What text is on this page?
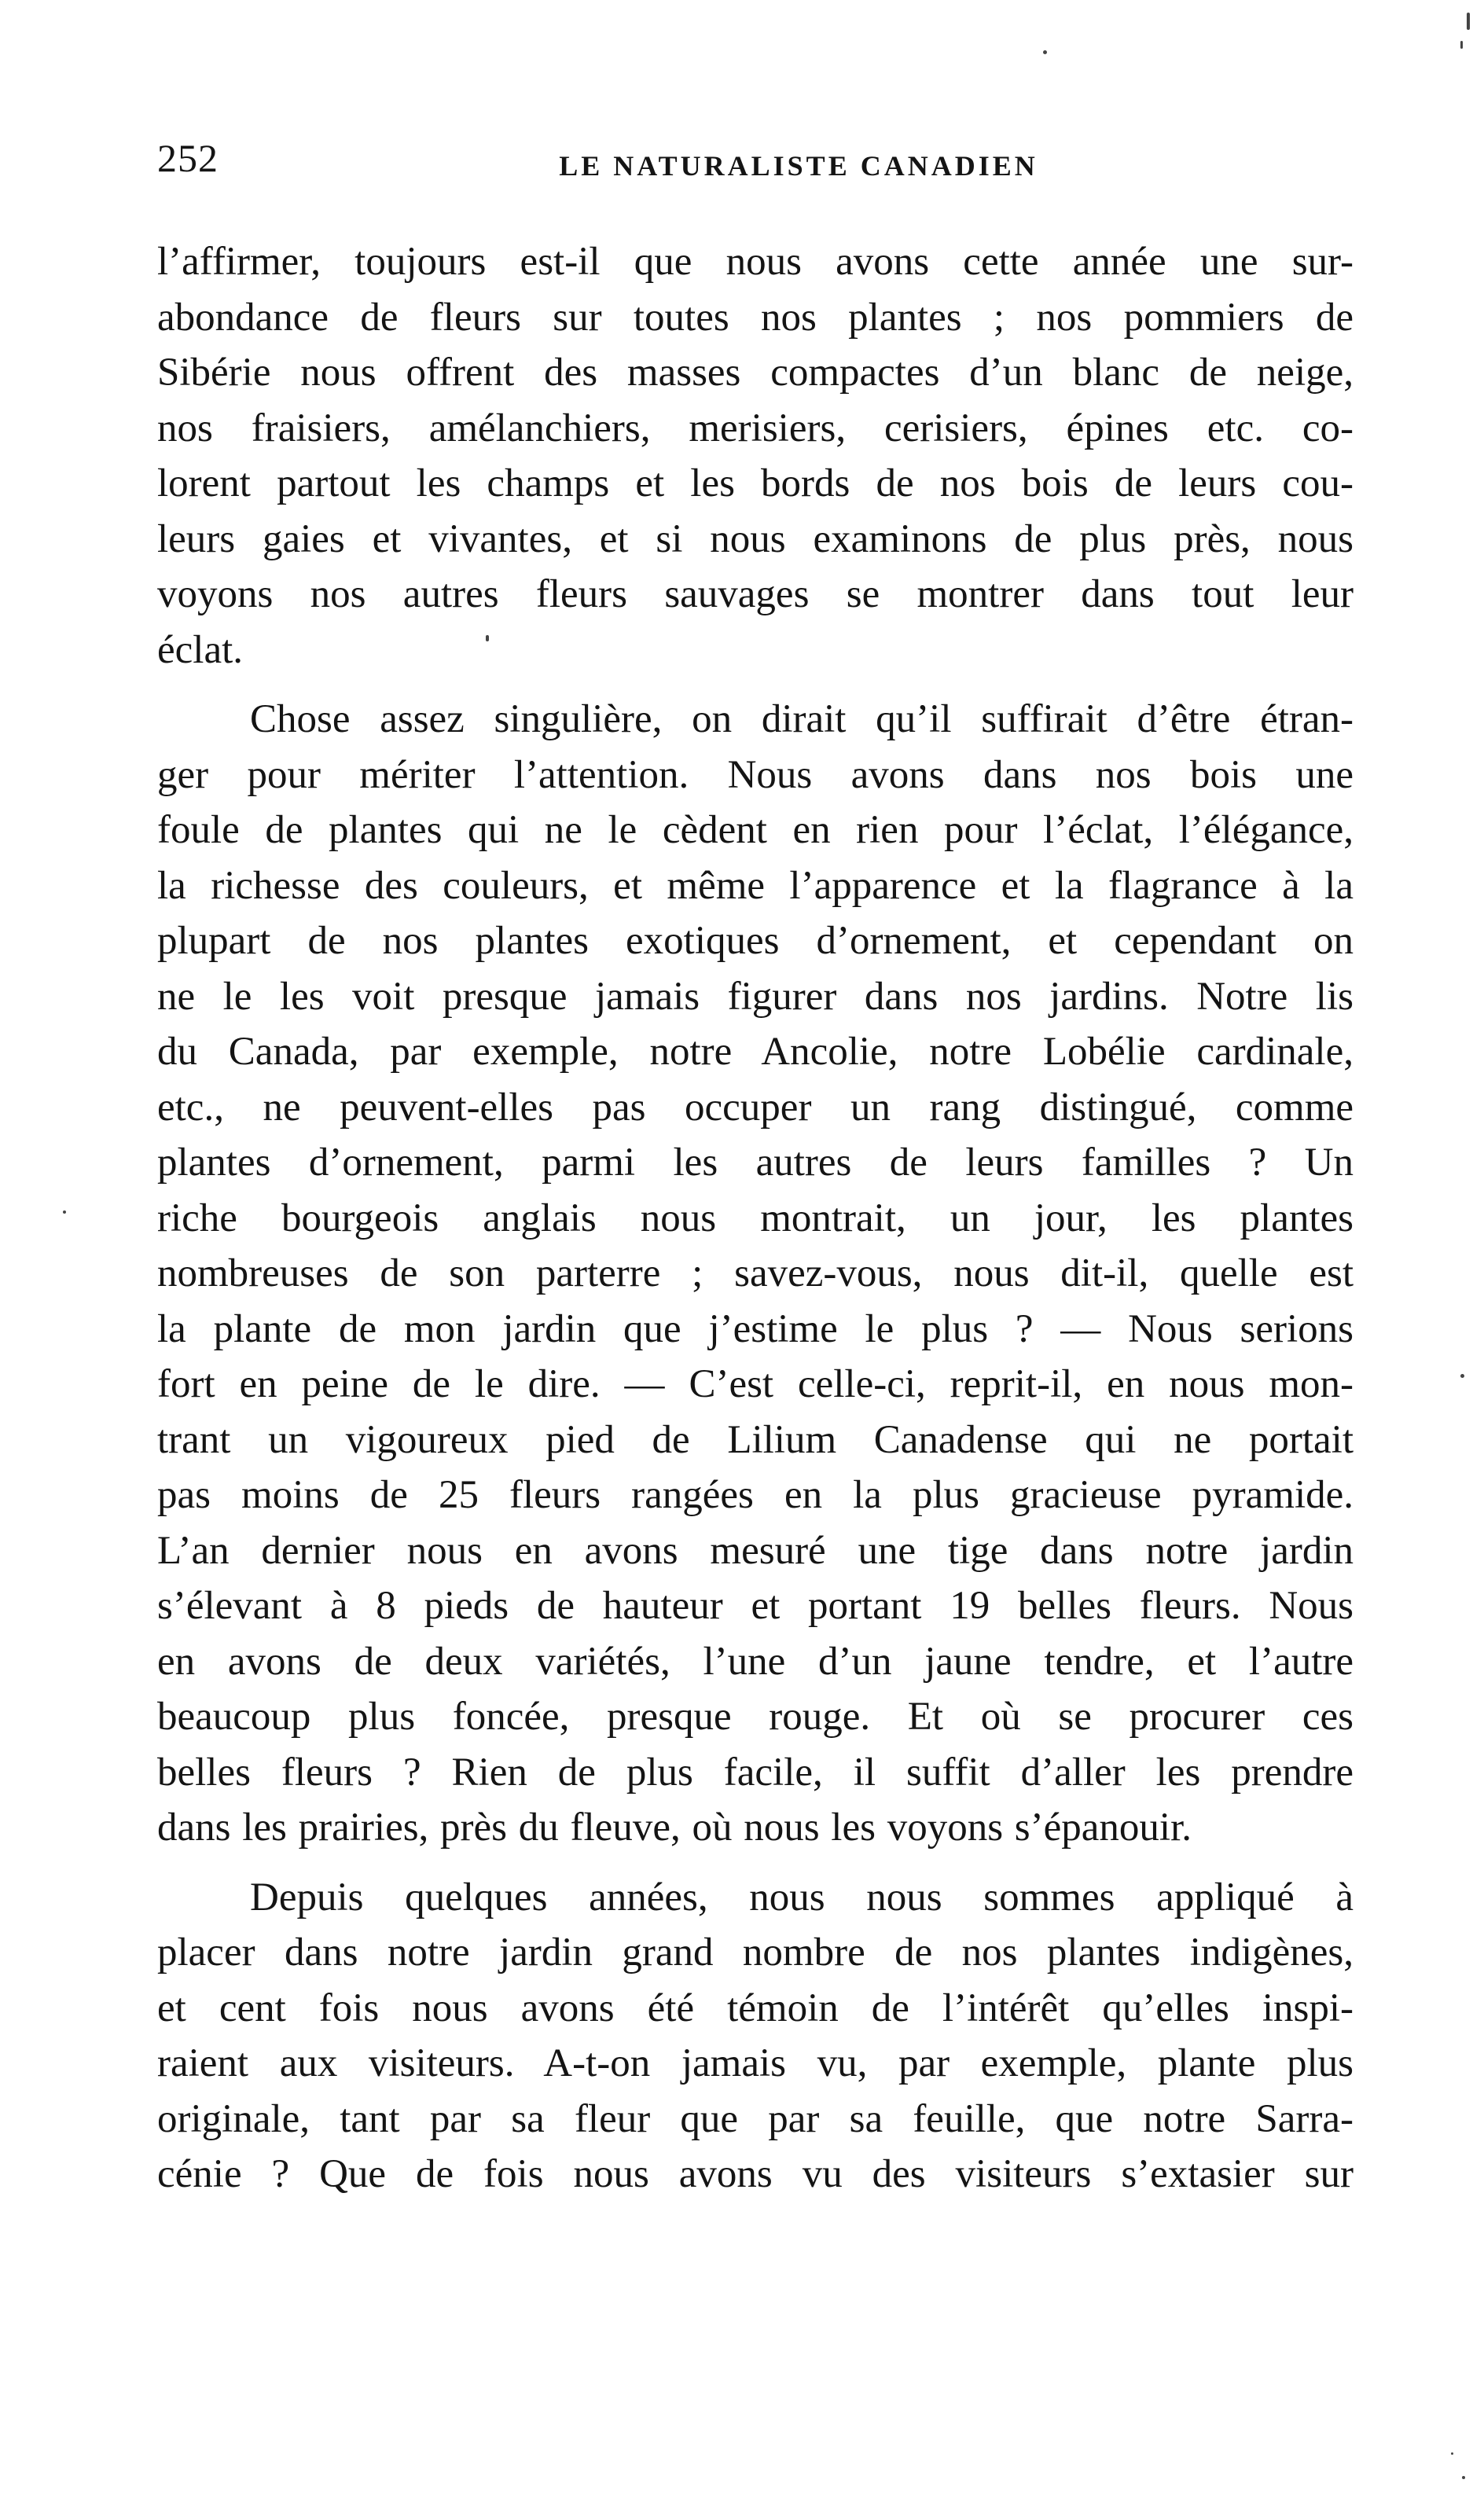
252	LE NATURALISTE CANADIEN
l’affirmer, toujours est-il que nous avons cette année une sur-
abondance de fleurs sur toutes nos plantes ; nos pommiers de
Sibérie nous offrent des masses compactes d’un blanc de neige,
nos fraisiers, amélanchiers, merisiers, cerisiers, épines etc. co-
lorent partout les champs et les bords de nos bois de leurs cou-
leurs gaies et vivantes, et si nous examinons de plus près, nous
voyons nos autres fleurs sauvages se montrer dans tout leur
éclat.
Chose assez singulière, on dirait qu’il suffirait d’être étran-
ger pour mériter l’attention. Nous avons dans nos bois une
foule de plantes qui ne le cèdent en rien pour l’éclat, l’élégance,
la richesse des couleurs, et même l’apparence et la flagrance à la
plupart de nos plantes exotiques d’ornement, et cependant on
ne le les voit presque jamais figurer dans nos jardins. Notre lis
du Canada, par exemple, notre Ancolie, notre Lobélie cardinale,
etc., ne peuvent-elles pas occuper un rang distingué, comme
plantes d’ornement, parmi les autres de leurs familles ? Un
riche bourgeois anglais nous montrait, un jour, les plantes
nombreuses de son parterre ; savez-vous, nous dit-il, quelle est
la plante de mon jardin que j’estime le plus ? — Nous serions
fort en peine de le dire. — C’est celle-ci, reprit-il, en nous mon-
trant un vigoureux pied de Lilium Canadense qui ne portait
pas moins de 25 fleurs rangées en la plus gracieuse pyramide.
L’an dernier nous en avons mesuré une tige dans notre jardin
s’élevant à 8 pieds de hauteur et portant 19 belles fleurs. Nous
en avons de deux variétés, l’une d’un jaune tendre, et l’autre
beaucoup plus foncée, presque rouge. Et où se procurer ces
belles fleurs ? Rien de plus facile, il suffit d’aller les prendre
dans les prairies, près du fleuve, où nous les voyons s’épanouir.
Depuis quelques années, nous nous sommes appliqué à
placer dans notre jardin grand nombre de nos plantes indigènes,
et cent fois nous avons été témoin de l’intérêt qu’elles inspi-
raient aux visiteurs. A-t-on jamais vu, par exemple, plante plus
originale, tant par sa fleur que par sa feuille, que notre Sarra-
cénie ? Que de fois nous avons vu des visiteurs s’extasier sur
